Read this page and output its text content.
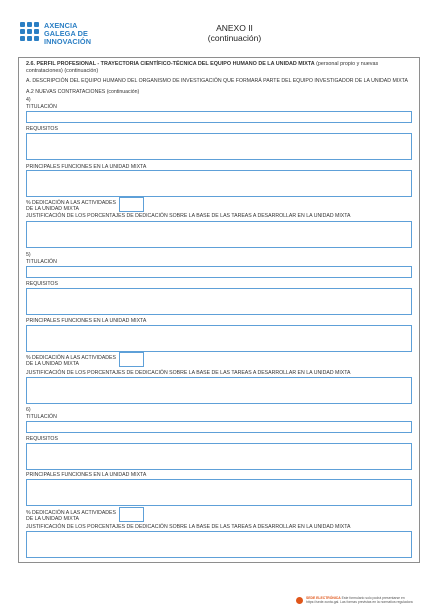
AXENCIA
GALEGA DE
INNOVACIÓN
ANEXO II
(continuación)
2.6. PERFIL PROFESIONAL - TRAYECTORIA CIENTÍFICO-TÉCNICA DEL EQUIPO HUMANO DE LA UNIDAD MIXTA (personal propio y nuevas contrataciones) (continuación)
A. DESCRIPCIÓN DEL EQUIPO HUMANO DEL ORGANISMO DE INVESTIGACIÓN QUE FORMARÁ PARTE DEL EQUIPO INVESTIGADOR DE LA UNIDAD MIXTA
A.2 NUEVAS CONTRATACIONES (continuación)
4)
TITULACIÓN
REQUISITOS
PRINCIPALES FUNCIONES EN LA UNIDAD MIXTA
% DEDICACIÓN A LAS ACTIVIDADES
DE LA UNIDAD MIXTA
JUSTIFICACIÓN DE LOS PORCENTAJES DE DEDICACIÓN SOBRE LA BASE DE LAS TAREAS A DESARROLLAR EN LA UNIDAD MIXTA
5)
TITULACIÓN
REQUISITOS
PRINCIPALES FUNCIONES EN LA UNIDAD MIXTA
% DEDICACIÓN A LAS ACTIVIDADES
DE LA UNIDAD MIXTA
JUSTIFICACIÓN DE LOS PORCENTAJES DE DEDICACIÓN SOBRE LA BASE DE LAS TAREAS A DESARROLLAR EN LA UNIDAD MIXTA
6)
TITULACIÓN
REQUISITOS
PRINCIPALES FUNCIONES EN LA UNIDAD MIXTA
% DEDICACIÓN A LAS ACTIVIDADES
DE LA UNIDAD MIXTA
JUSTIFICACIÓN DE LOS PORCENTAJES DE DEDICACIÓN SOBRE LA BASE DE LAS TAREAS A DESARROLLAR EN LA UNIDAD MIXTA
SEDE ELECTRÓNICA Este formulario solo podrá presentarse en https://sede.xunta.gal. Las formas previstas en la normativa reguladora
